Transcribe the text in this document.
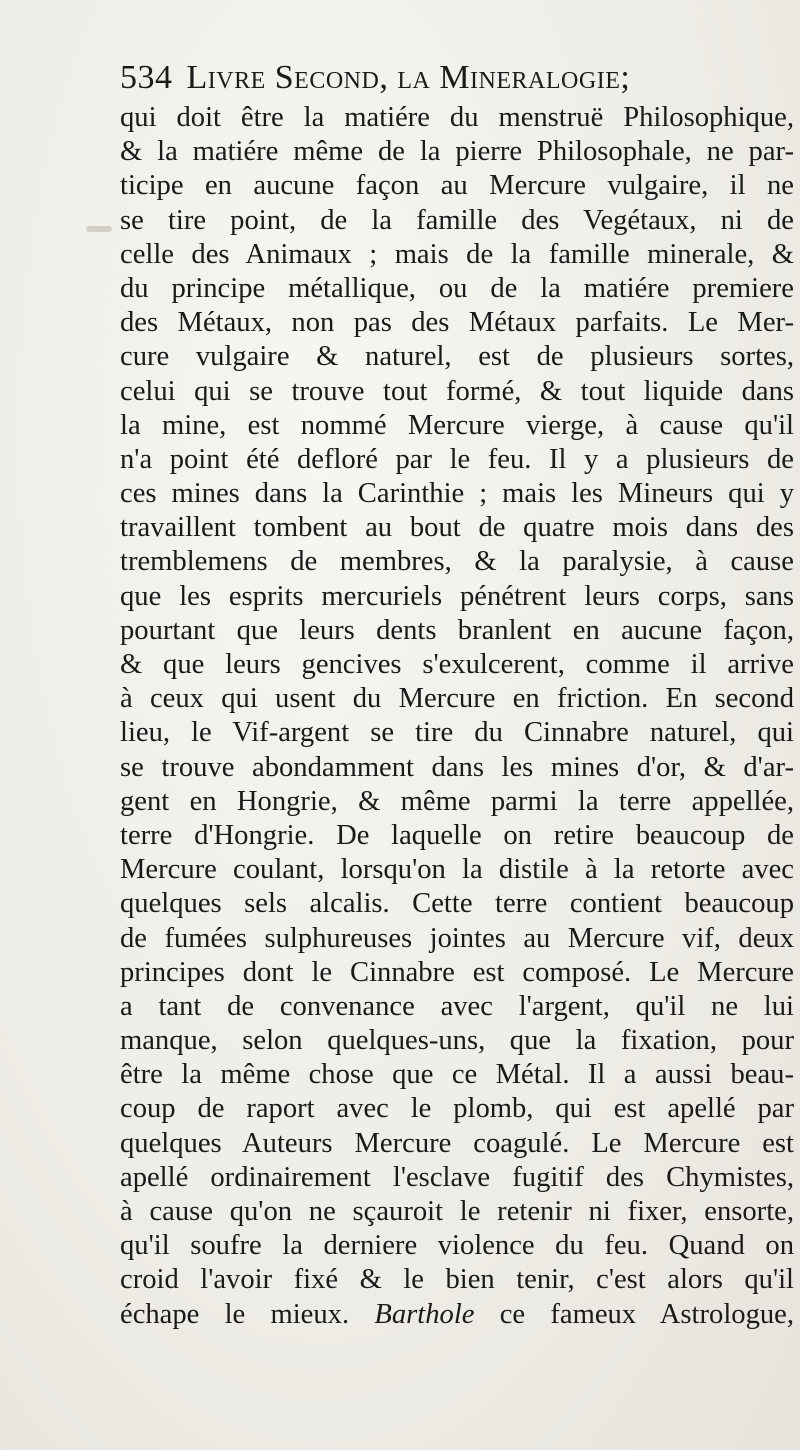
534 Livre Second, la Mineralogie;
qui doit être la matiére du menstruë Philosophique,
& la matiére même de la pierre Philosophale, ne par-
ticipe en aucune façon au Mercure vulgaire, il ne
se tire point, de la famille des Vegétaux, ni de
celle des Animaux ; mais de la famille minerale, &
du principe métallique, ou de la matiére premiere
des Métaux, non pas des Métaux parfaits. Le Mer-
cure vulgaire & naturel, est de plusieurs sortes,
celui qui se trouve tout formé, & tout liquide dans
la mine, est nommé Mercure vierge, à cause qu'il
n'a point été defloré par le feu. Il y a plusieurs de
ces mines dans la Carinthie ; mais les Mineurs qui y
travaillent tombent au bout de quatre mois dans des
tremblemens de membres, & la paralysie, à cause
que les esprits mercuriels pénétrent leurs corps, sans
pourtant que leurs dents branlent en aucune façon,
& que leurs gencives s'exulcerent, comme il arrive
à ceux qui usent du Mercure en friction. En second
lieu, le Vif-argent se tire du Cinnabre naturel, qui
se trouve abondamment dans les mines d'or, & d'ar-
gent en Hongrie, & même parmi la terre appellée,
terre d'Hongrie. De laquelle on retire beaucoup de
Mercure coulant, lorsqu'on la distile à la retorte avec
quelques sels alcalis. Cette terre contient beaucoup
de fumées sulphureuses jointes au Mercure vif, deux
principes dont le Cinnabre est composé. Le Mercure
a tant de convenance avec l'argent, qu'il ne lui
manque, selon quelques-uns, que la fixation, pour
être la même chose que ce Métal. Il a aussi beau-
coup de raport avec le plomb, qui est apellé par
quelques Auteurs Mercure coagulé. Le Mercure est
apellé ordinairement l'esclave fugitif des Chymistes,
à cause qu'on ne sçauroit le retenir ni fixer, ensorte,
qu'il soufre la derniere violence du feu. Quand on
croid l'avoir fixé & le bien tenir, c'est alors qu'il
échape le mieux. Barthole ce fameux Astrologue,
